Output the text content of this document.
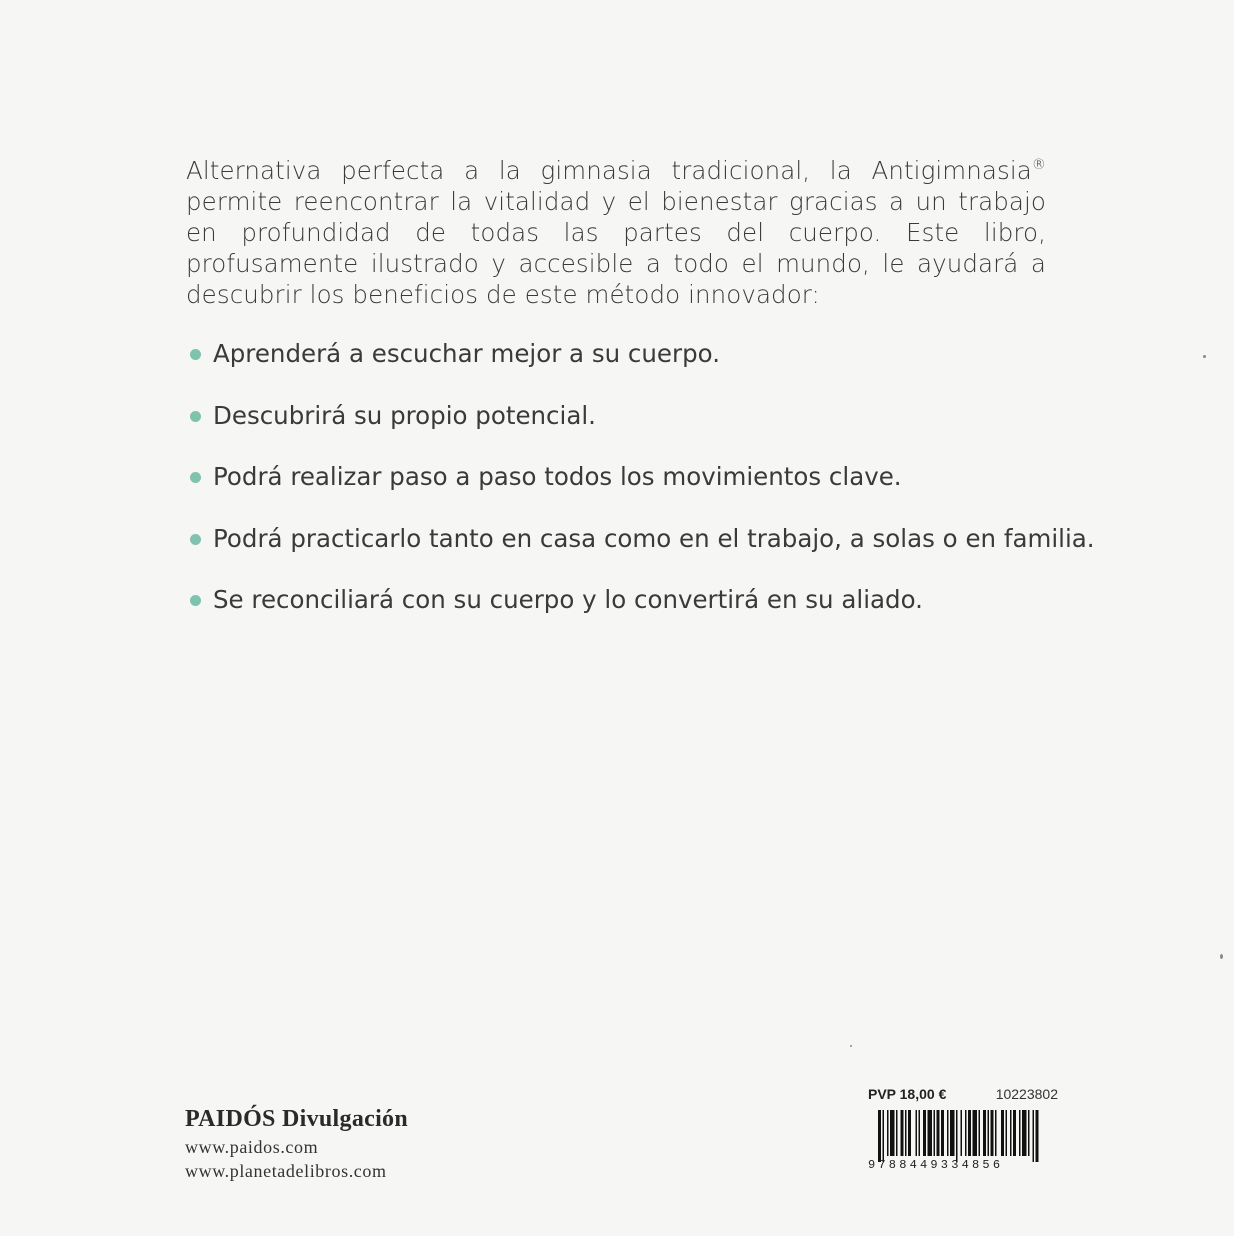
Alternativa perfecta a la gimnasia tradicional, la Antigimnasia® permite reencontrar la vitalidad y el bienestar gracias a un trabajo en profundidad de todas las partes del cuerpo. Este libro, profusamente ilustrado y accesible a todo el mundo, le ayudará a descubrir los beneficios de este método innovador:

Aprenderá a escuchar mejor a su cuerpo.
Descubrirá su propio potencial.
Podrá realizar paso a paso todos los movimientos clave.
Podrá practicarlo tanto en casa como en el trabajo, a solas o en familia.
Se reconciliará con su cuerpo y lo convertirá en su aliado.
PAIDÓS Divulgación
www.paidos.com
www.planetadelibros.com
PVP 18,00 €	10223802
9788449334856
